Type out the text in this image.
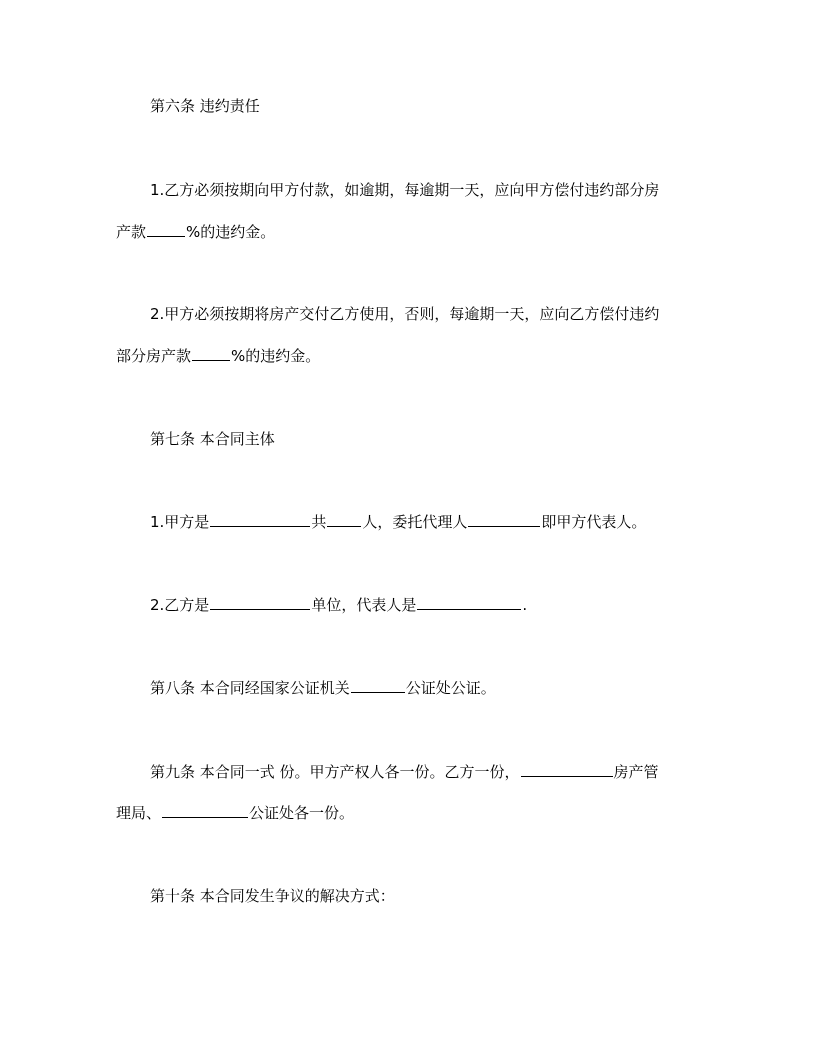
第六条 违约责任
1.乙方必须按期向甲方付款，如逾期，每逾期一天，应向甲方偿付违约部分房
产款	%的违约金。
2.甲方必须按期将房产交付乙方使用，否则，每逾期一天，应向乙方偿付违约
部分房产款	%的违约金。
第七条 本合同主体
1.甲方是	共 人，委托代理人	即甲方代表人。
2.乙方是	单位，代表人是	.
第八条 本合同经国家公证机关	公证处公证。
第九条 本合同一式 份。甲方产权人各一份。乙方一份，	房产管
理局、	公证处各一份。
第十条 本合同发生争议的解决方式：
